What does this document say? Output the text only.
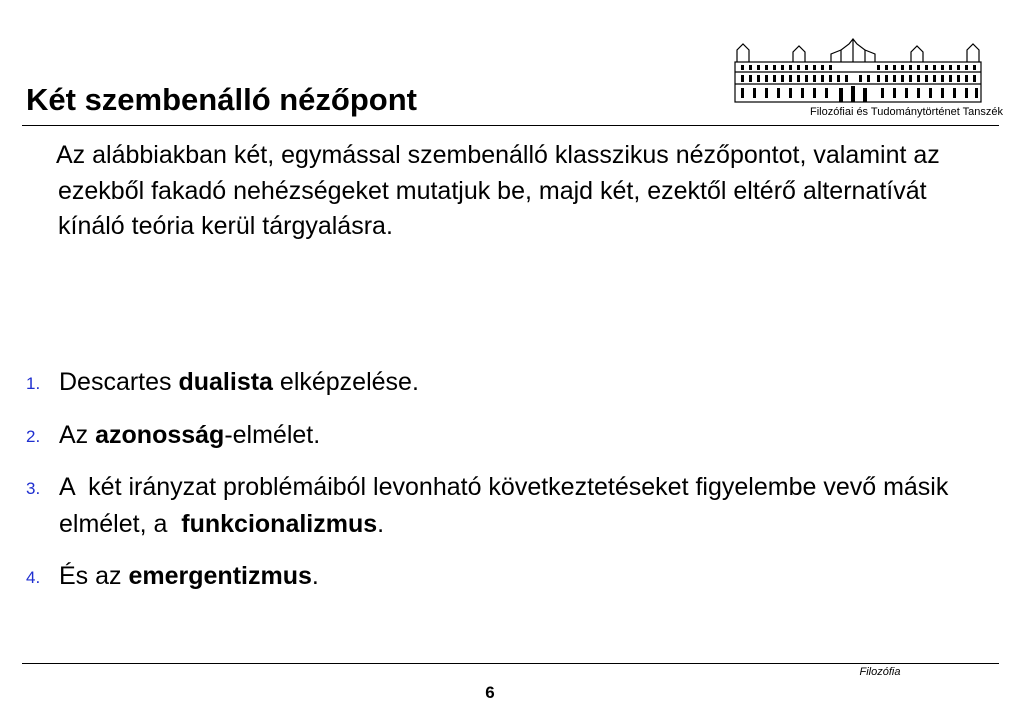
Két szembenálló nézőpont	Filozófiai és Tudománytörténet Tanszék

Az alábbiakban két, egymással szembenálló klasszikus nézőpontot, valamint az ezekből fakadó nehézségeket mutatjuk be, majd két, ezektől eltérő alternatívát kínáló teória kerül tárgyalásra.

1. Descartes dualista elképzelése.
2. Az azonosság-elmélet.
3. A  két irányzat problémáiból levonható következtetéseket figyelembe vevő másik elmélet, a  funkcionalizmus.
4. És az emergentizmus.
Filozófia
6
